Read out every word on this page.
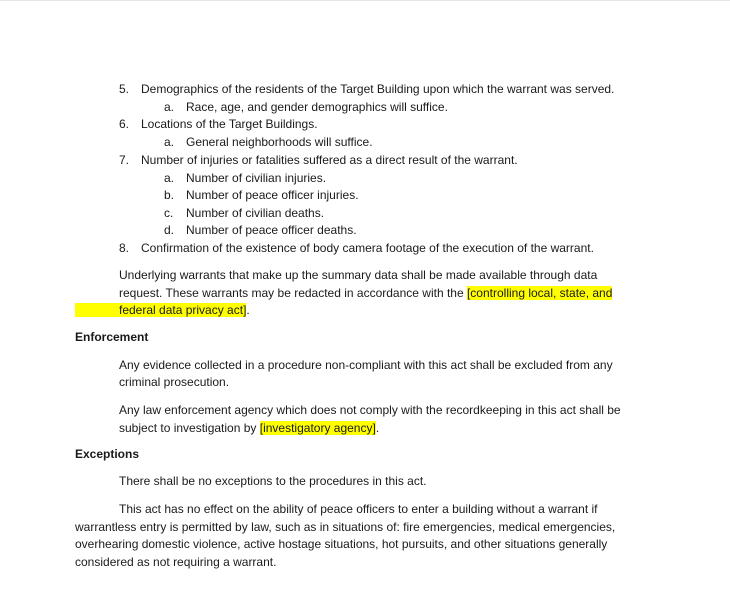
5. Demographics of the residents of the Target Building upon which the warrant was served.
a. Race, age, and gender demographics will suffice.
6. Locations of the Target Buildings.
a. General neighborhoods will suffice.
7. Number of injuries or fatalities suffered as a direct result of the warrant.
a. Number of civilian injuries.
b. Number of peace officer injuries.
c. Number of civilian deaths.
d. Number of peace officer deaths.
8. Confirmation of the existence of body camera footage of the execution of the warrant.
Underlying warrants that make up the summary data shall be made available through data
request. These warrants may be redacted in accordance with the [controlling local, state, and
federal data privacy act].
Enforcement
Any evidence collected in a procedure non-compliant with this act shall be excluded from any
criminal prosecution.
Any law enforcement agency which does not comply with the recordkeeping in this act shall be
subject to investigation by [investigatory agency].
Exceptions
There shall be no exceptions to the procedures in this act.
This act has no effect on the ability of peace officers to enter a building without a warrant if
warrantless entry is permitted by law, such as in situations of: fire emergencies, medical emergencies,
overhearing domestic violence, active hostage situations, hot pursuits, and other situations generally
considered as not requiring a warrant.
